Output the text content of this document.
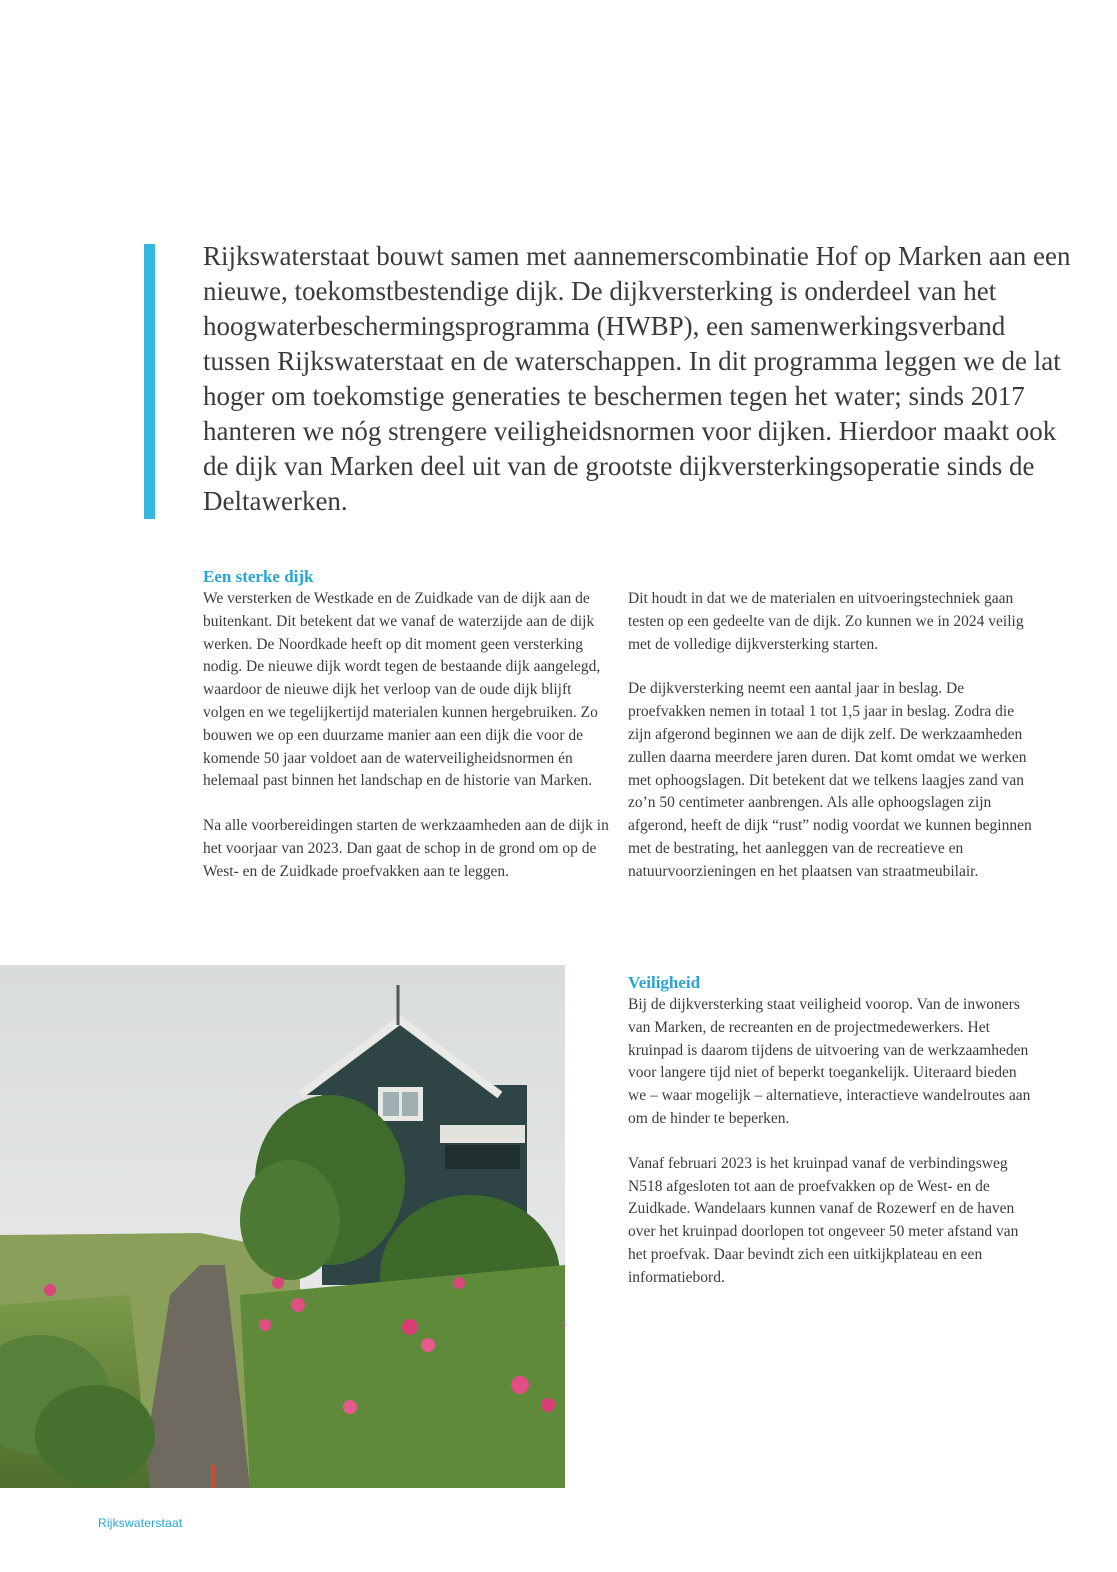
Rijkswaterstaat bouwt samen met aannemerscombinatie Hof op Marken aan een nieuwe, toekomstbestendige dijk. De dijkversterking is onderdeel van het hoogwaterbeschermingsprogramma (HWBP), een samenwerkingsverband tussen Rijkswaterstaat en de waterschappen. In dit programma leggen we de lat hoger om toekomstige generaties te beschermen tegen het water; sinds 2017 hanteren we nóg strengere veiligheidsnormen voor dijken. Hierdoor maakt ook de dijk van Marken deel uit van de grootste dijkversterkingsoperatie sinds de Deltawerken.

Een sterke dijk

We versterken de Westkade en de Zuidkade van de dijk aan de buitenkant. Dit betekent dat we vanaf de waterzijde aan de dijk werken. De Noordkade heeft op dit moment geen versterking nodig. De nieuwe dijk wordt tegen de bestaande dijk aangelegd, waardoor de nieuwe dijk het verloop van de oude dijk blijft volgen en we tegelijkertijd materialen kunnen hergebruiken. Zo bouwen we op een duurzame manier aan een dijk die voor de komende 50 jaar voldoet aan de waterveiligheidsnormen én helemaal past binnen het landschap en de historie van Marken.

Na alle voorbereidingen starten de werkzaamheden aan de dijk in het voorjaar van 2023. Dan gaat de schop in de grond om op de West- en de Zuidkade proefvakken aan te leggen.

Dit houdt in dat we de materialen en uitvoeringstechniek gaan testen op een gedeelte van de dijk. Zo kunnen we in 2024 veilig met de volledige dijkversterking starten.

De dijkversterking neemt een aantal jaar in beslag. De proefvakken nemen in totaal 1 tot 1,5 jaar in beslag. Zodra die zijn afgerond beginnen we aan de dijk zelf. De werkzaamheden zullen daarna meerdere jaren duren. Dat komt omdat we werken met ophoogslagen. Dit betekent dat we telkens laagjes zand van zo’n 50 centimeter aanbrengen. Als alle ophoogslagen zijn afgerond, heeft de dijk “rust” nodig voordat we kunnen beginnen met de bestrating, het aanleggen van de recreatieve en natuurvoorzieningen en het plaatsen van straatmeubilair.

Veiligheid

Bij de dijkversterking staat veiligheid voorop. Van de inwoners van Marken, de recreanten en de projectmedewerkers. Het kruinpad is daarom tijdens de uitvoering van de werkzaamheden voor langere tijd niet of beperkt toegankelijk. Uiteraard bieden we – waar mogelijk – alternatieve, interactieve wandelroutes aan om de hinder te beperken.

Vanaf februari 2023 is het kruinpad vanaf de verbindingsweg N518 afgesloten tot aan de proefvakken op de West- en de Zuidkade. Wandelaars kunnen vanaf de Rozewerf en de haven over het kruinpad doorlopen tot ongeveer 50 meter afstand van het proefvak. Daar bevindt zich een uitkijkplateau en een informatiebord.

Rijkswaterstaat
